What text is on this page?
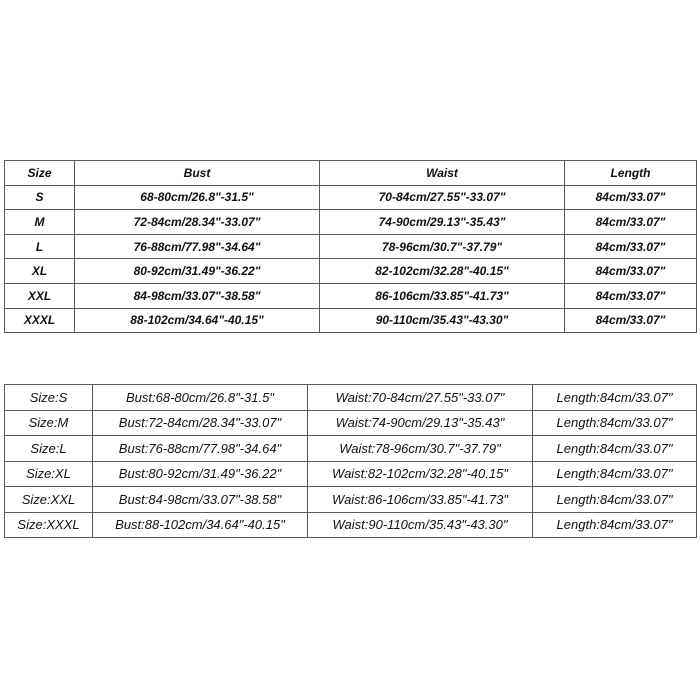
Size	Bust	Waist	Length
S	68-80cm/26.8"-31.5"	70-84cm/27.55"-33.07"	84cm/33.07"
M	72-84cm/28.34"-33.07"	74-90cm/29.13"-35.43"	84cm/33.07"
L	76-88cm/77.98"-34.64"	78-96cm/30.7"-37.79"	84cm/33.07"
XL	80-92cm/31.49"-36.22"	82-102cm/32.28"-40.15"	84cm/33.07"
XXL	84-98cm/33.07"-38.58"	86-106cm/33.85"-41.73"	84cm/33.07"
XXXL	88-102cm/34.64"-40.15"	90-110cm/35.43"-43.30"	84cm/33.07"
Size:S	Bust:68-80cm/26.8"-31.5"	Waist:70-84cm/27.55"-33.07"	Length:84cm/33.07"
Size:M	Bust:72-84cm/28.34"-33.07"	Waist:74-90cm/29.13"-35.43"	Length:84cm/33.07"
Size:L	Bust:76-88cm/77.98"-34.64"	Waist:78-96cm/30.7"-37.79"	Length:84cm/33.07"
Size:XL	Bust:80-92cm/31.49"-36.22"	Waist:82-102cm/32.28"-40.15"	Length:84cm/33.07"
Size:XXL	Bust:84-98cm/33.07"-38.58"	Waist:86-106cm/33.85"-41.73"	Length:84cm/33.07"
Size:XXXL	Bust:88-102cm/34.64"-40.15"	Waist:90-110cm/35.43"-43.30"	Length:84cm/33.07"
